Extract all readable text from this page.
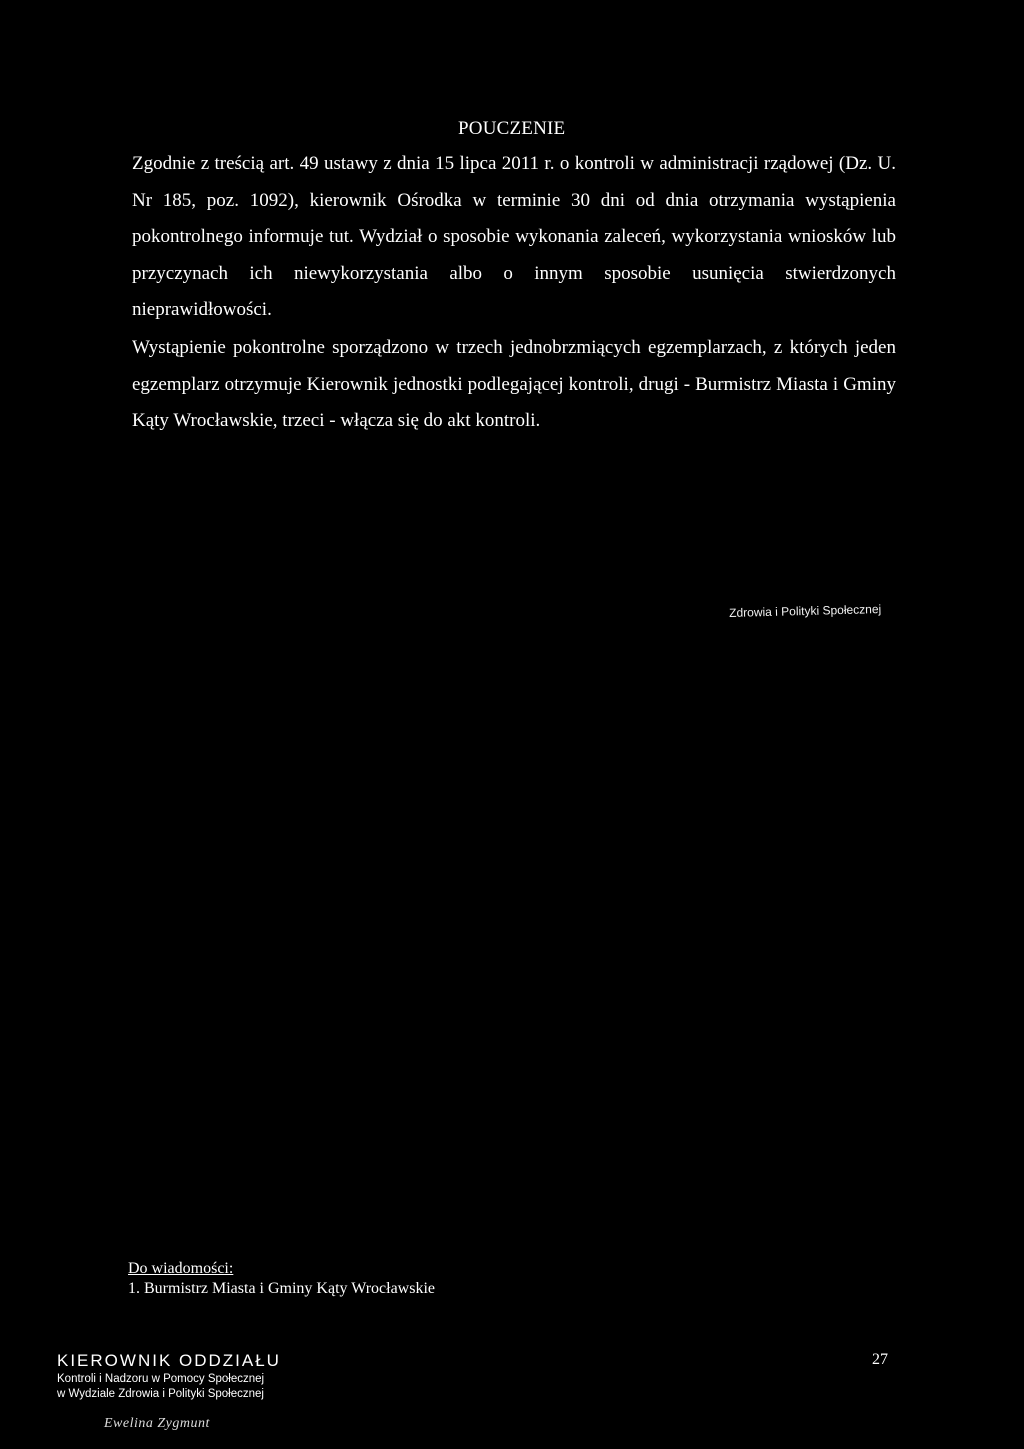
POUCZENIE

Zgodnie z treścią art. 49 ustawy z dnia 15 lipca 2011 r. o kontroli w administracji rządowej (Dz. U. Nr 185, poz. 1092), kierownik Ośrodka w terminie 30 dni od dnia otrzymania wystąpienia pokontrolnego informuje tut. Wydział o sposobie wykonania zaleceń, wykorzystania wniosków lub przyczynach ich niewykorzystania albo o innym sposobie usunięcia stwierdzonych nieprawidłowości.

Wystąpienie pokontrolne sporządzono w trzech jednobrzmiących egzemplarzach, z których jeden egzemplarz otrzymuje Kierownik jednostki podlegającej kontroli, drugi - Burmistrz Miasta i Gminy Kąty Wrocławskie, trzeci - włącza się do akt kontroli.

Zdrowia i Polityki Społecznej
Do wiadomości:
1. Burmistrz Miasta i Gminy Kąty Wrocławskie
KIEROWNIK ODDZIAŁU
Kontroli i Nadzoru w Pomocy Społecznej
w Wydziale Zdrowia i Polityki Społecznej
27
Ewelina Zygmunt
